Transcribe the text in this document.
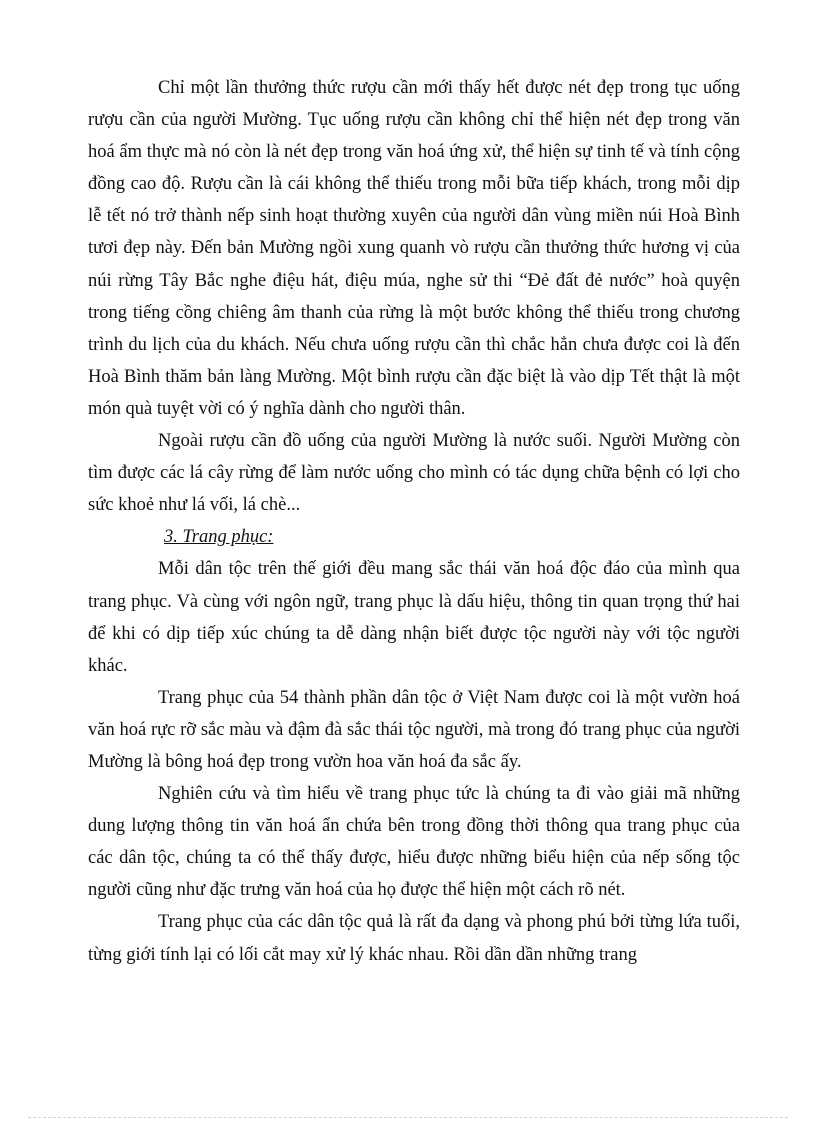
Chỉ một lần thưởng thức rượu cần mới thấy hết được nét đẹp trong tục uống rượu cần của người Mường. Tục uống rượu cần không chỉ thể hiện nét đẹp trong văn hoá ẩm thực mà nó còn là nét đẹp trong văn hoá ứng xử, thể hiện sự tinh tế và tính cộng đồng cao độ. Rượu cần là cái không thể thiếu trong mỗi bữa tiếp khách, trong mỗi dịp lễ tết nó trở thành nếp sinh hoạt thường xuyên của người dân vùng miền núi Hoà Bình tươi đẹp này. Đến bản Mường ngồi xung quanh vò rượu cần thưởng thức hương vị của núi rừng Tây Bắc nghe điệu hát, điệu múa, nghe sử thi “Đẻ đất đẻ nước” hoà quyện trong tiếng cồng chiêng âm thanh của rừng là một bước không thể thiếu trong chương trình du lịch của du khách. Nếu chưa uống rượu cần thì chắc hẳn chưa được coi là đến Hoà Bình thăm bản làng Mường. Một bình rượu cần đặc biệt là vào dịp Tết thật là một món quà tuyệt vời có ý nghĩa dành cho người thân.

Ngoài rượu cần đồ uống của người Mường là nước suối. Người Mường còn tìm được các lá cây rừng để làm nước uống cho mình có tác dụng chữa bệnh có lợi cho sức khoẻ như lá vối, lá chè...

3. Trang phục:

Mỗi dân tộc trên thế giới đều mang sắc thái văn hoá độc đáo của mình qua trang phục. Và cùng với ngôn ngữ, trang phục là dấu hiệu, thông tin quan trọng thứ hai để khi có dịp tiếp xúc chúng ta dễ dàng nhận biết được tộc người này với tộc người khác.

Trang phục của 54 thành phần dân tộc ở Việt Nam được coi là một vườn hoá văn hoá rực rỡ sắc màu và đậm đà sắc thái tộc người, mà trong đó trang phục của người Mường là bông hoá đẹp trong vườn hoa văn hoá đa sắc ấy.

Nghiên cứu và tìm hiểu về trang phục tức là chúng ta đi vào giải mã những dung lượng thông tin văn hoá ẩn chứa bên trong đồng thời thông qua trang phục của các dân tộc, chúng ta có thể thấy được, hiểu được những biểu hiện của nếp sống tộc người cũng như đặc trưng văn hoá của họ được thể hiện một cách rõ nét.

Trang phục của các dân tộc quả là rất đa dạng và phong phú bởi từng lứa tuổi, từng giới tính lại có lối cắt may xử lý khác nhau. Rồi dần dần những trang
